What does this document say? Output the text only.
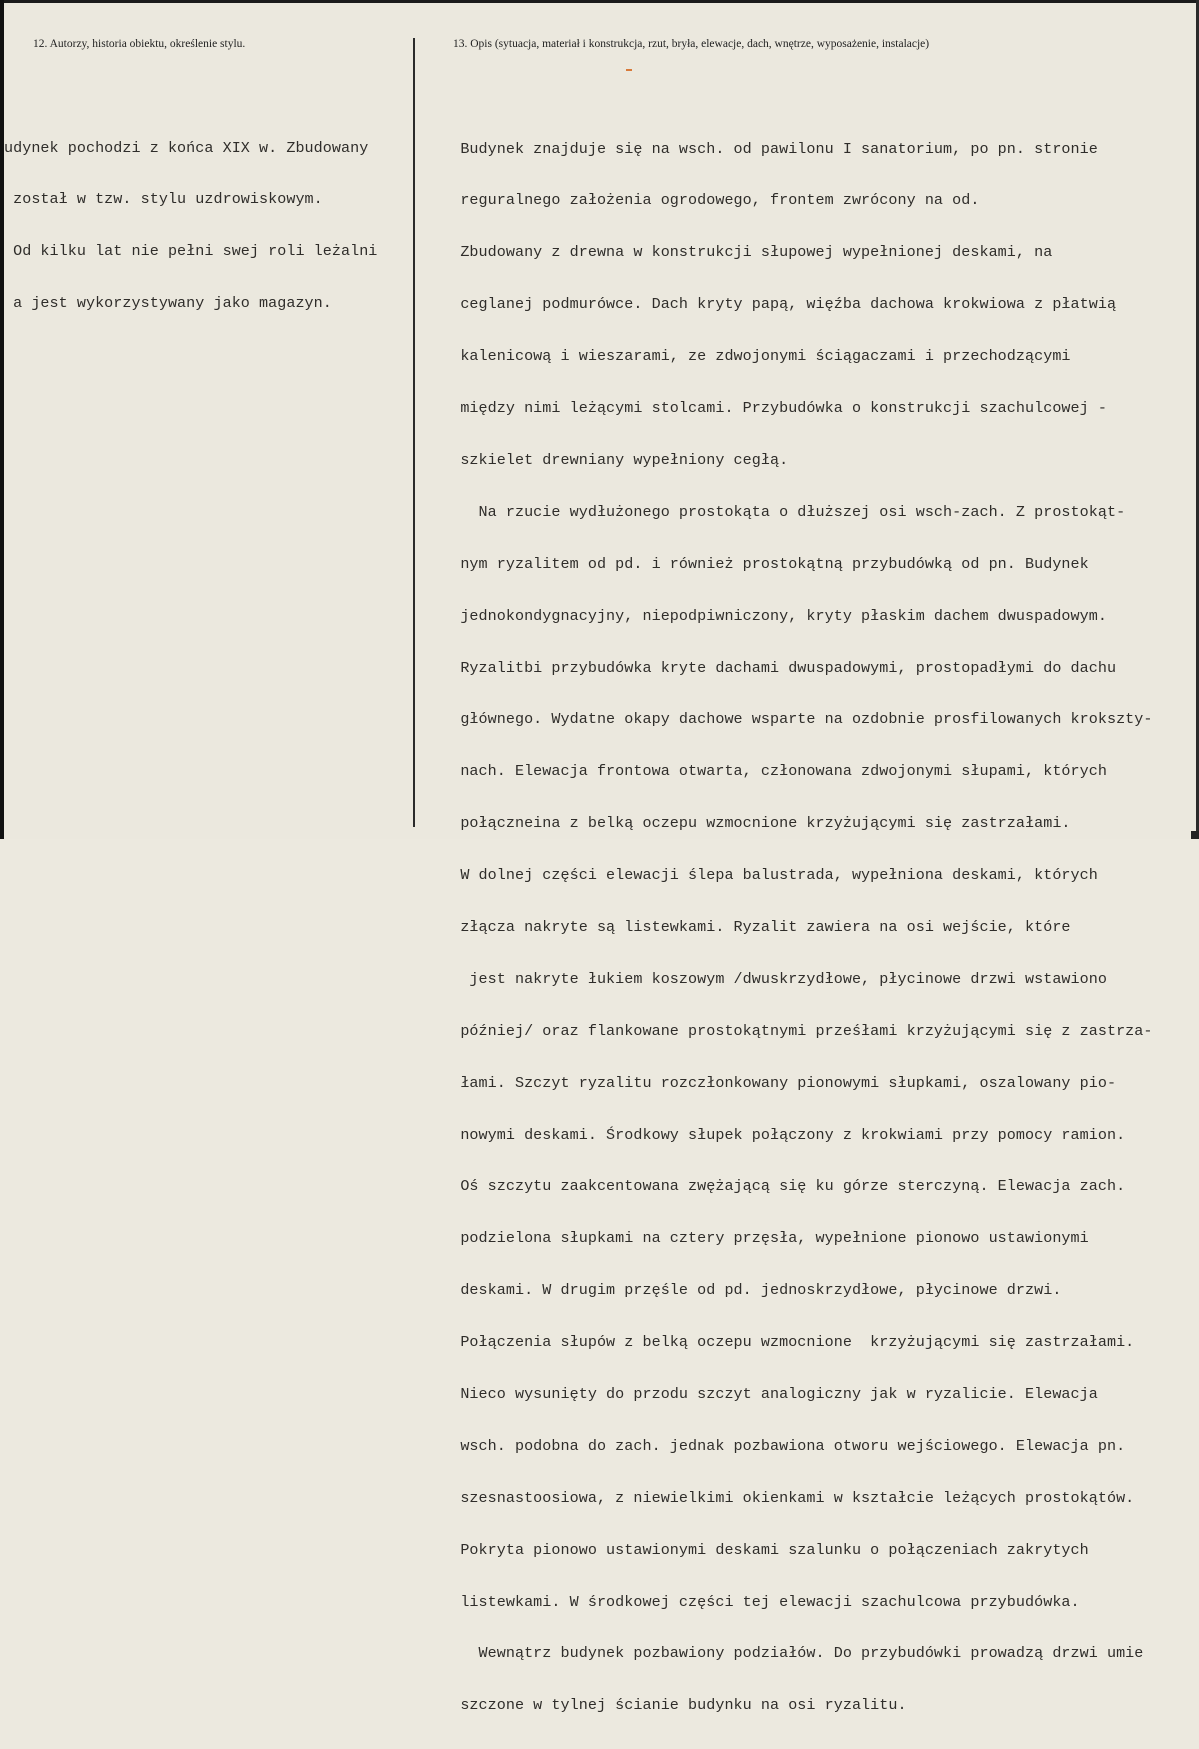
12. Autorzy, historia obiektu, określenie stylu.	13. Opis (sytuacja, materiał i konstrukcja, rzut, bryła, elewacje, dach, wnętrze, wyposażenie, instalacje)

udynek pochodzi z końca XIX w. Zbudowany

został w tzw. stylu uzdrowiskowym.

Od kilku lat nie pełni swej roli leżalni

a jest wykorzystywany jako magazyn.

Budynek znajduje się na wsch. od pawilonu I sanatorium, po pn. stronie

reguralnego założenia ogrodowego, frontem zwrócony na od.

Zbudowany z drewna w konstrukcji słupowej wypełnionej deskami, na

ceglanej podmurówce. Dach kryty papą, więźba dachowa krokwiowa z płatwią

kalenicową i wieszarami, ze zdwojonymi ściągaczami i przechodzącymi

między nimi leżącymi stolcami. Przybudówka o konstrukcji szachulcowej -

szkielet drewniany wypełniony cegłą.

Na rzucie wydłużonego prostokąta o dłuższej osi wsch-zach. Z prostokąt-

nym ryzalitem od pd. i również prostokątną przybudówką od pn. Budynek

jednokondygnacyjny, niepodpiwniczony, kryty płaskim dachem dwuspadowym.

Ryzalitbi przybudówka kryte dachami dwuspadowymi, prostopadłymi do dachu

głównego. Wydatne okapy dachowe wsparte na ozdobnie prosfilowanych krokszty-

nach. Elewacja frontowa otwarta, członowana zdwojonymi słupami, których

połączneina z belką oczepu wzmocnione krzyżującymi się zastrzałami.

W dolnej części elewacji ślepa balustrada, wypełniona deskami, których

złącza nakryte są listewkami. Ryzalit zawiera na osi wejście, które

jest nakryte łukiem koszowym /dwuskrzydłowe, płycinowe drzwi wstawiono

później/ oraz flankowane prostokątnymi prześłami krzyżującymi się z zastrza-

łami. Szczyt ryzalitu rozczłonkowany pionowymi słupkami, oszalowany pio-

nowymi deskami. Środkowy słupek połączony z krokwiami przy pomocy ramion.

Oś szczytu zaakcentowana zwężającą się ku górze sterczyną. Elewacja zach.

podzielona słupkami na cztery przęsła, wypełnione pionowo ustawionymi

deskami. W drugim przęśle od pd. jednoskrzydłowe, płycinowe drzwi.

Połączenia słupów z belką oczepu wzmocnione  krzyżującymi się zastrzałami.

Nieco wysunięty do przodu szczyt analogiczny jak w ryzalicie. Elewacja

wsch. podobna do zach. jednak pozbawiona otworu wejściowego. Elewacja pn.

szesnastoosiowa, z niewielkimi okienkami w kształcie leżących prostokątów.

Pokryta pionowo ustawionymi deskami szalunku o połączeniach zakrytych

listewkami. W środkowej części tej elewacji szachulcowa przybudówka.

Wewnątrz budynek pozbawiony podziałów. Do przybudówki prowadzą drzwi umie

szczone w tylnej ścianie budynku na osi ryzalitu.
